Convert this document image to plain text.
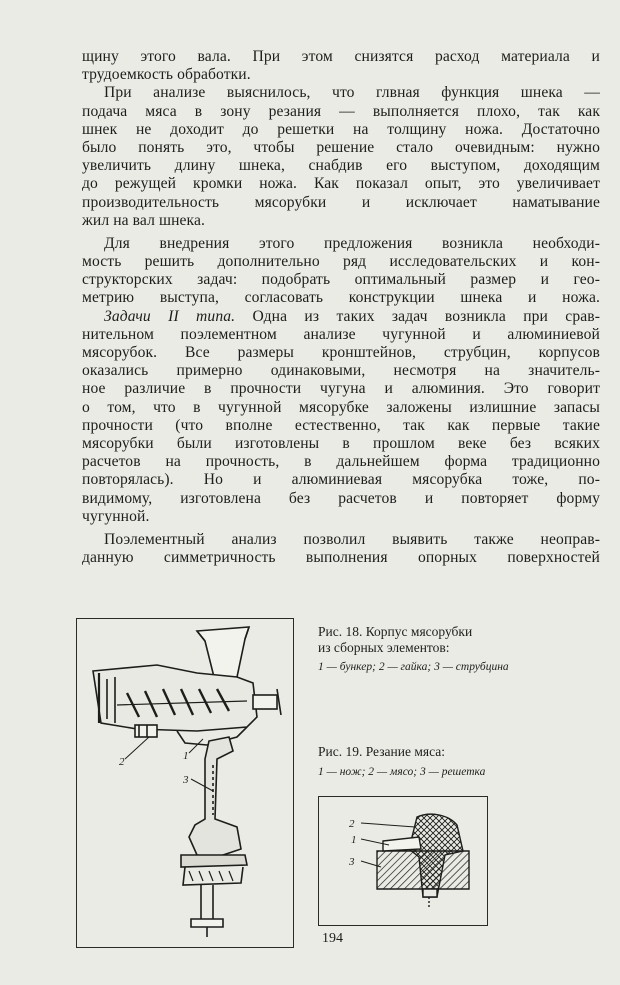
щину этого вала. При этом снизятся расход материала и
трудоемкость обработки.
При анализе выяснилось, что глвная функция шнека —
подача мяса в зону резания — выполняется плохо, так как
шнек не доходит до решетки на толщину ножа. Достаточно
было понять это, чтобы решение стало очевидным: нужно
увеличить длину шнека, снабдив его выступом, доходящим
до режущей кромки ножа. Как показал опыт, это увеличивает
производительность мясорубки и исключает наматывание
жил на вал шнека.
Для внедрения этого предложения возникла необходи-
мость решить дополнительно ряд исследовательских и кон-
структорских задач: подобрать оптимальный размер и гео-
метрию выступа, согласовать конструкции шнека и ножа.
Задачи II типа. Одна из таких задач возникла при срав-
нительном поэлементном анализе чугунной и алюминиевой
мясорубок. Все размеры кронштейнов, струбцин, корпусов
оказались примерно одинаковыми, несмотря на значитель-
ное различие в прочности чугуна и алюминия. Это говорит
о том, что в чугунной мясорубке заложены излишние запасы
прочности (что вполне естественно, так как первые такие
мясорубки были изготовлены в прошлом веке без всяких
расчетов на прочность, в дальнейшем форма традиционно
повторялась). Но и алюминиевая мясорубка тоже, по-
видимому, изготовлена без расчетов и повторяет форму
чугунной.
Поэлементный анализ позволил выявить также неоправ-
данную симметричность выполнения опорных поверхностей
2	1
3
Рис. 18. Корпус мясорубки
из сборных элементов:
1 — бункер; 2 — гайка; 3 — струбцина
Рис. 19. Резание мяса:
1 — нож; 2 — мясо; 3 — решетка
2
1
3
194
